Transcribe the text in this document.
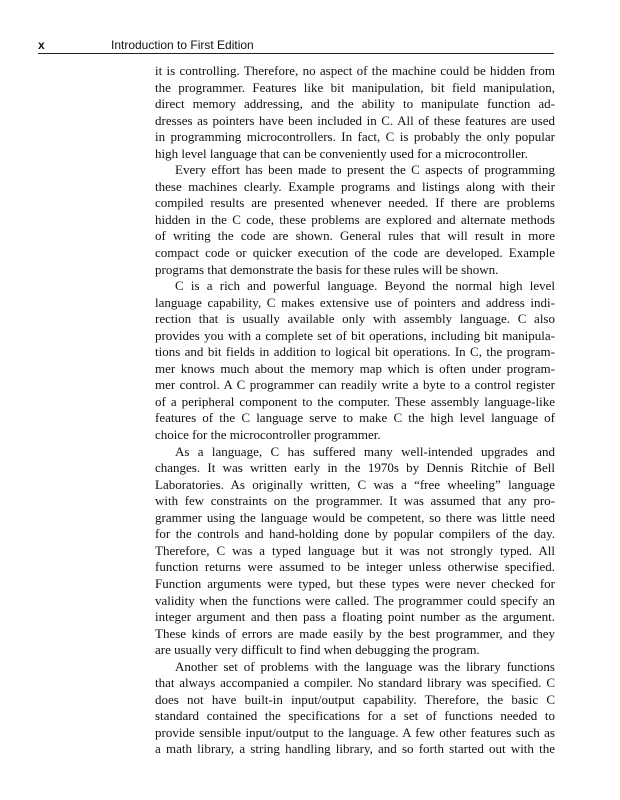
x	Introduction to First Edition
it is controlling. Therefore, no aspect of the machine could be hidden from
the programmer. Features like bit manipulation, bit field manipulation,
direct memory addressing, and the ability to manipulate function ad-
dresses as pointers have been included in C. All of these features are used
in programming microcontrollers. In fact, C is probably the only popular
high level language that can be conveniently used for a microcontroller.
Every effort has been made to present the C aspects of programming
these machines clearly. Example programs and listings along with their
compiled results are presented whenever needed. If there are problems
hidden in the C code, these problems are explored and alternate methods
of writing the code are shown. General rules that will result in more
compact code or quicker execution of the code are developed. Example
programs that demonstrate the basis for these rules will be shown.
C is a rich and powerful language. Beyond the normal high level
language capability, C makes extensive use of pointers and address indi-
rection that is usually available only with assembly language. C also
provides you with a complete set of bit operations, including bit manipula-
tions and bit fields in addition to logical bit operations. In C, the program-
mer knows much about the memory map which is often under program-
mer control. A C programmer can readily write a byte to a control register
of a peripheral component to the computer. These assembly language-like
features of the C language serve to make C the high level language of
choice for the microcontroller programmer.
As a language, C has suffered many well-intended upgrades and
changes. It was written early in the 1970s by Dennis Ritchie of Bell
Laboratories. As originally written, C was a “free wheeling” language
with few constraints on the programmer. It was assumed that any pro-
grammer using the language would be competent, so there was little need
for the controls and hand-holding done by popular compilers of the day.
Therefore, C was a typed language but it was not strongly typed. All
function returns were assumed to be integer unless otherwise specified.
Function arguments were typed, but these types were never checked for
validity when the functions were called. The programmer could specify an
integer argument and then pass a floating point number as the argument.
These kinds of errors are made easily by the best programmer, and they
are usually very difficult to find when debugging the program.
Another set of problems with the language was the library functions
that always accompanied a compiler. No standard library was specified. C
does not have built-in input/output capability. Therefore, the basic C
standard contained the specifications for a set of functions needed to
provide sensible input/output to the language. A few other features such as
a math library, a string handling library, and so forth started out with the
